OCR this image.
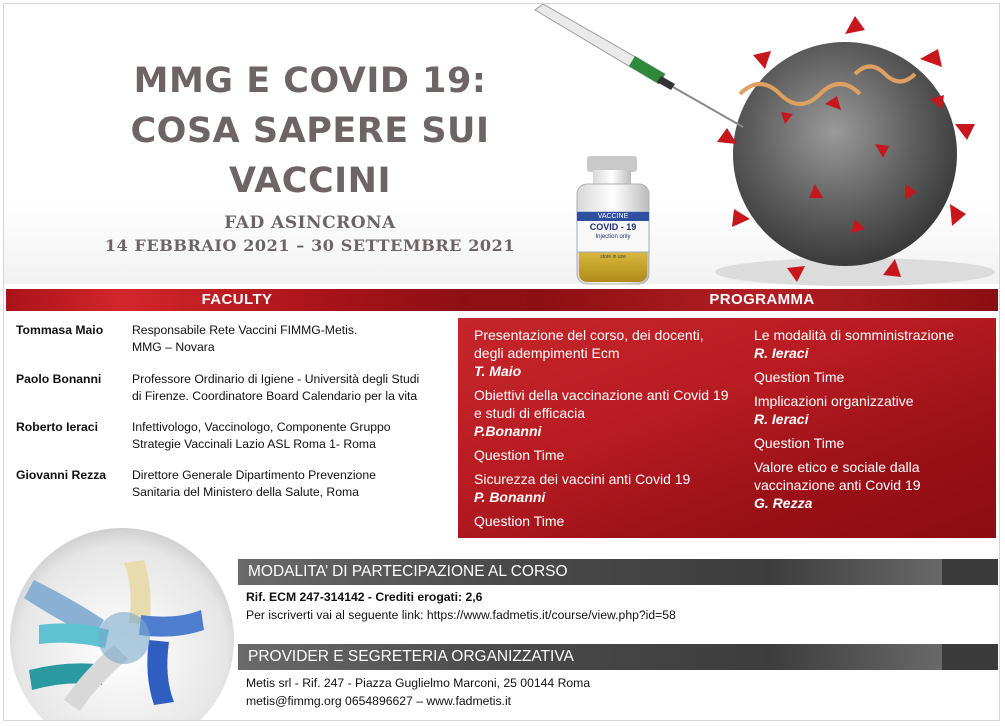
MMG E COVID 19:
COSA SAPERE SUI
VACCINI
FAD ASINCRONA
14 FEBBRAIO 2021 – 30 SETTEMBRE 2021
VACCINE
COVID - 19
Injection only
store in use
FACULTY	PROGRAMMA
Tommasa Maio	Responsabile Rete Vaccini FIMMG-Metis.
MMG – Novara
Paolo Bonanni	Professore Ordinario di Igiene - Università degli Studi
di Firenze. Coordinatore Board Calendario per la vita
Roberto Ieraci	Infettivologo, Vaccinologo, Componente Gruppo
Strategie Vaccinali Lazio ASL Roma 1- Roma
Giovanni Rezza	Direttore Generale Dipartimento Prevenzione
Sanitaria del Ministero della Salute, Roma
Presentazione del corso, dei docenti, degli adempimenti Ecm
T. Maio
Obiettivi della vaccinazione anti Covid 19 e studi di efficacia
P.Bonanni
Question Time
Sicurezza dei vaccini anti Covid 19
P. Bonanni
Question Time
Le modalità di somministrazione
R. Ieraci
Question Time
Implicazioni organizzative
R. Ieraci
Question Time
Valore etico e sociale dalla vaccinazione anti Covid 19
G. Rezza
MODALITA’ DI PARTECIPAZIONE AL CORSO
Rif. ECM 247-314142 - Crediti erogati: 2,6
Per iscriverti vai al seguente link: https://www.fadmetis.it/course/view.php?id=58
PROVIDER E SEGRETERIA ORGANIZZATIVA
Metis srl - Rif. 247 - Piazza Guglielmo Marconi, 25 00144 Roma
metis@fimmg.org 0654896627 – www.fadmetis.it
